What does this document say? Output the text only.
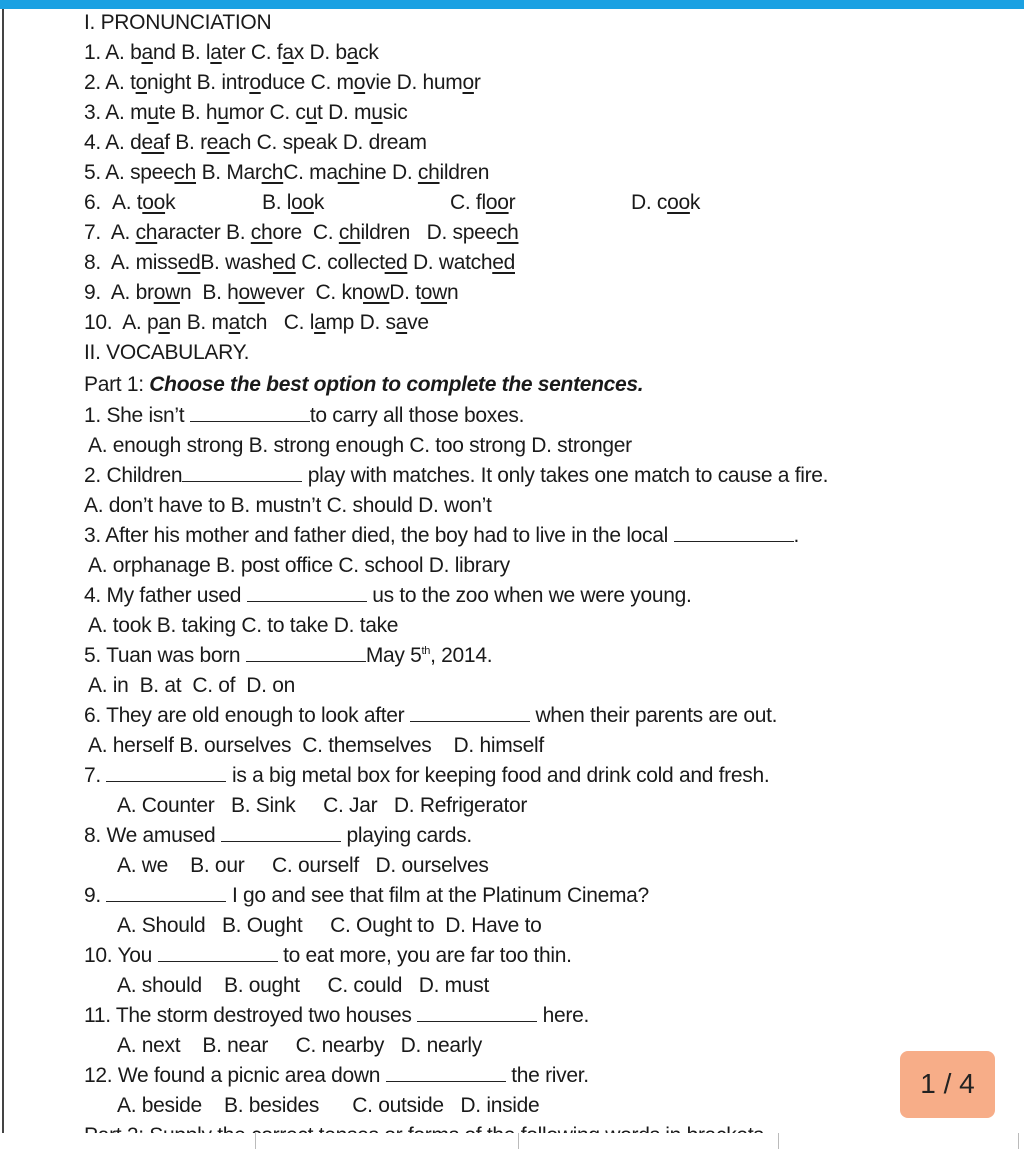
I. PRONUNCIATION
1. A. band B. later C. fax D. back
2. A. tonight B. introduce C. movie D. humor
3. A. mute B. humor C. cut D. music
4. A. deaf B. reach C. speak D. dream
5. A. speech B. MarchC. machine D. children
6.  A. took	B. look	C. floor	D. cook
7.  A. character B. chore  C. children   D. speech
8.  A. missedB. washed C. collected D. watched
9.  A. brown  B. however  C. knowD. town
10.  A. pan B. match   C. lamp D. save
II. VOCABULARY.
Part 1: Choose the best option to complete the sentences.
1. She isn’t	to carry all those boxes.
A. enough strong B. strong enough C. too strong D. stronger
2. Children	play with matches. It only takes one match to cause a fire.
A. don’t have to B. mustn’t C. should D. won’t
3. After his mother and father died, the boy had to live in the local	.
A. orphanage B. post office C. school D. library
4. My father used	us to the zoo when we were young.
A. took B. taking C. to take D. take
5. Tuan was born	May 5th, 2014.
A. in  B. at  C. of  D. on
6. They are old enough to look after	when their parents are out.
A. herself B. ourselves  C. themselves    D. himself
7.	is a big metal box for keeping food and drink cold and fresh.
A. Counter   B. Sink     C. Jar   D. Refrigerator
8. We amused	playing cards.
A. we    B. our     C. ourself   D. ourselves
9.	I go and see that film at the Platinum Cinema?
A. Should   B. Ought     C. Ought to  D. Have to
10. You	to eat more, you are far too thin.
A. should    B. ought     C. could   D. must
11. The storm destroyed two houses	here.
A. next    B. near     C. nearby   D. nearly
12. We found a picnic area down	the river.
A. beside    B. besides      C. outside   D. inside
1 / 4
